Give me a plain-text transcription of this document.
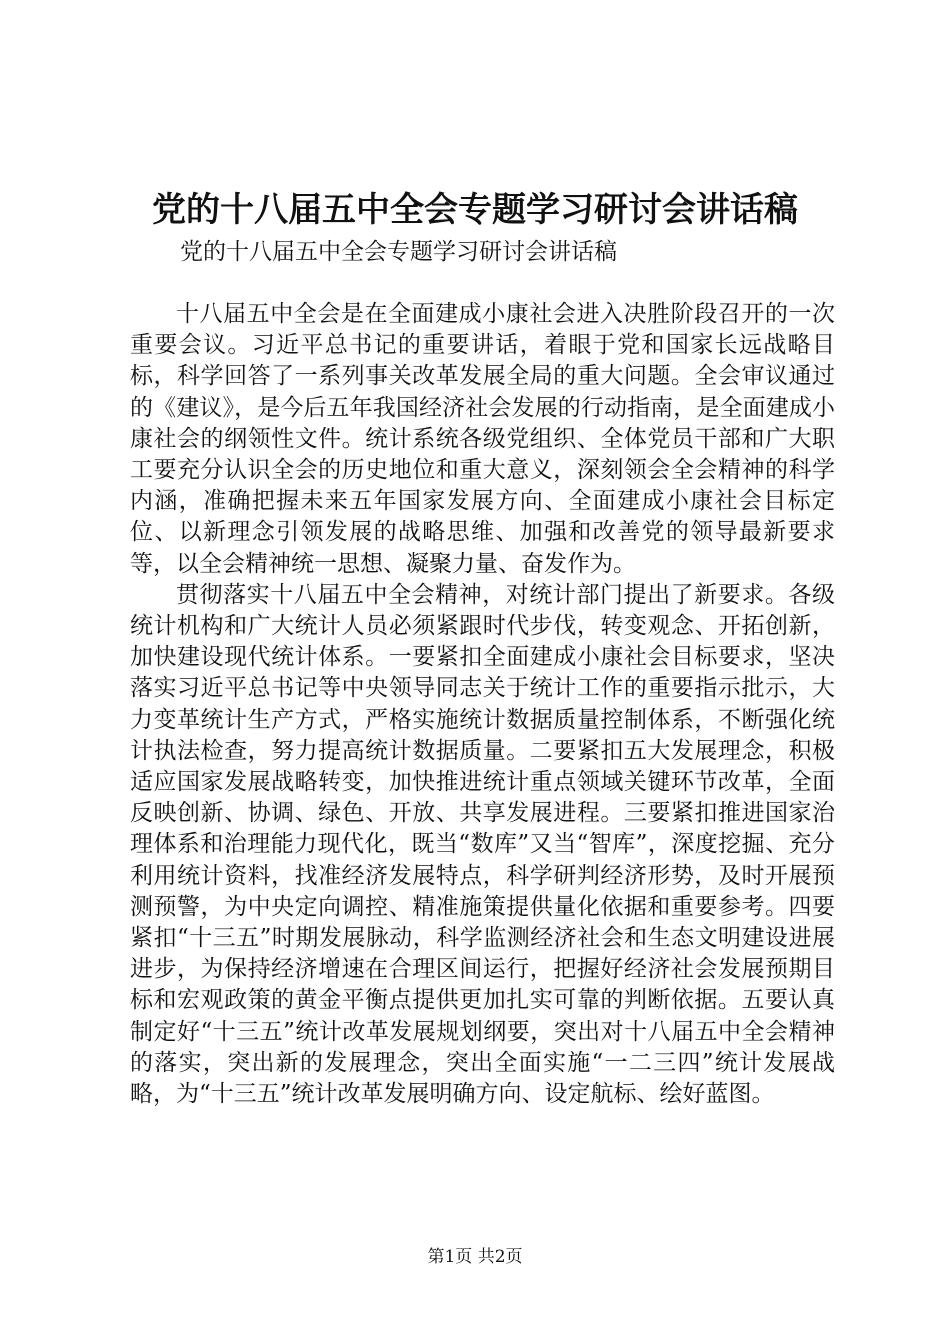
党的十八届五中全会专题学习研讨会讲话稿
党的十八届五中全会专题学习研讨会讲话稿

十八届五中全会是在全面建成小康社会进入决胜阶段召开的一次重要会议。习近平总书记的重要讲话，着眼于党和国家长远战略目标，科学回答了一系列事关改革发展全局的重大问题。全会审议通过的《建议》，是今后五年我国经济社会发展的行动指南，是全面建成小康社会的纲领性文件。统计系统各级党组织、全体党员干部和广大职工要充分认识全会的历史地位和重大意义，深刻领会全会精神的科学内涵，准确把握未来五年国家发展方向、全面建成小康社会目标定位、以新理念引领发展的战略思维、加强和改善党的领导最新要求等，以全会精神统一思想、凝聚力量、奋发作为。

贯彻落实十八届五中全会精神，对统计部门提出了新要求。各级统计机构和广大统计人员必须紧跟时代步伐，转变观念、开拓创新，加快建设现代统计体系。一要紧扣全面建成小康社会目标要求，坚决落实习近平总书记等中央领导同志关于统计工作的重要指示批示，大力变革统计生产方式，严格实施统计数据质量控制体系，不断强化统计执法检查，努力提高统计数据质量。二要紧扣五大发展理念，积极适应国家发展战略转变，加快推进统计重点领域关键环节改革，全面反映创新、协调、绿色、开放、共享发展进程。三要紧扣推进国家治理体系和治理能力现代化，既当“数库”又当“智库”，深度挖掘、充分利用统计资料，找准经济发展特点，科学研判经济形势，及时开展预测预警，为中央定向调控、精准施策提供量化依据和重要参考。四要紧扣“十三五”时期发展脉动，科学监测经济社会和生态文明建设进展进步，为保持经济增速在合理区间运行，把握好经济社会发展预期目标和宏观政策的黄金平衡点提供更加扎实可靠的判断依据。五要认真制定好“十三五”统计改革发展规划纲要，突出对十八届五中全会精神的落实，突出新的发展理念，突出全面实施“一二三四”统计发展战略，为“十三五”统计改革发展明确方向、设定航标、绘好蓝图。

第1页 共2页
